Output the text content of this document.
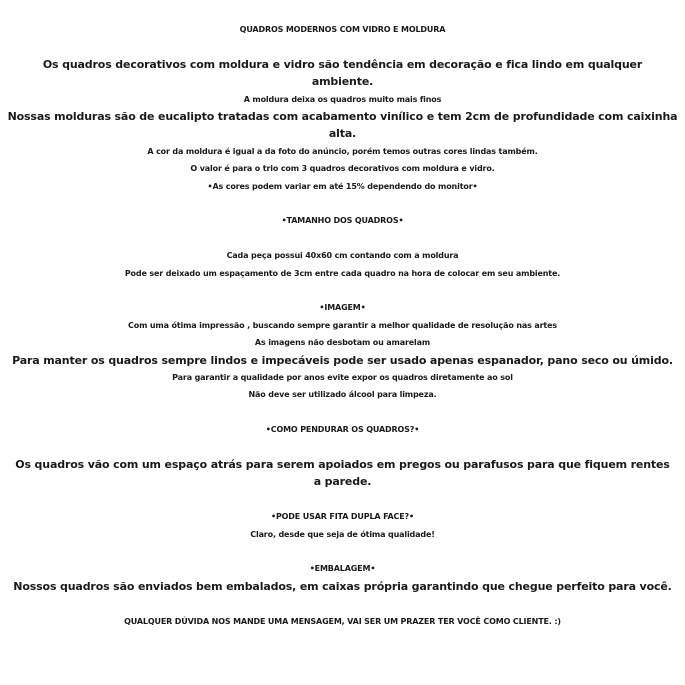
QUADROS MODERNOS COM VIDRO E MOLDURA
Os quadros decorativos com moldura e vidro são tendência em decoração e fica lindo em qualquer ambiente.
A moldura deixa os quadros muito mais finos
Nossas molduras são de eucalipto tratadas com acabamento vinílico e tem 2cm de profundidade com caixinha alta.
A cor da moldura é igual a da foto do anúncio, porém temos outras cores lindas também.
O valor é para o trio com 3 quadros decorativos com moldura e vidro.
•As cores podem variar em até 15% dependendo do monitor•
•TAMANHO DOS QUADROS•
Cada peça possui 40x60 cm contando com a moldura
Pode ser deixado um espaçamento de 3cm entre cada quadro na hora de colocar em seu ambiente.
•IMAGEM•
Com uma ótima impressão , buscando sempre garantir a melhor qualidade de resolução nas artes
As imagens não desbotam ou amarelam
Para manter os quadros sempre lindos e impecáveis pode ser usado apenas espanador, pano seco ou úmido.
Para garantir a qualidade por anos evite expor os quadros diretamente ao sol
Não deve ser utilizado álcool para limpeza.
•COMO PENDURAR OS QUADROS?•
Os quadros vão com um espaço atrás para serem apoiados em pregos ou parafusos para que fiquem rentes a parede.
•PODE USAR FITA DUPLA FACE?•
Claro, desde que seja de ótima qualidade!
•EMBALAGEM•
Nossos quadros são enviados bem embalados, em caixas própria garantindo que chegue perfeito para você.
QUALQUER DÚVIDA NOS MANDE UMA MENSAGEM, VAI SER UM PRAZER TER VOCÊ COMO CLIENTE. :)
